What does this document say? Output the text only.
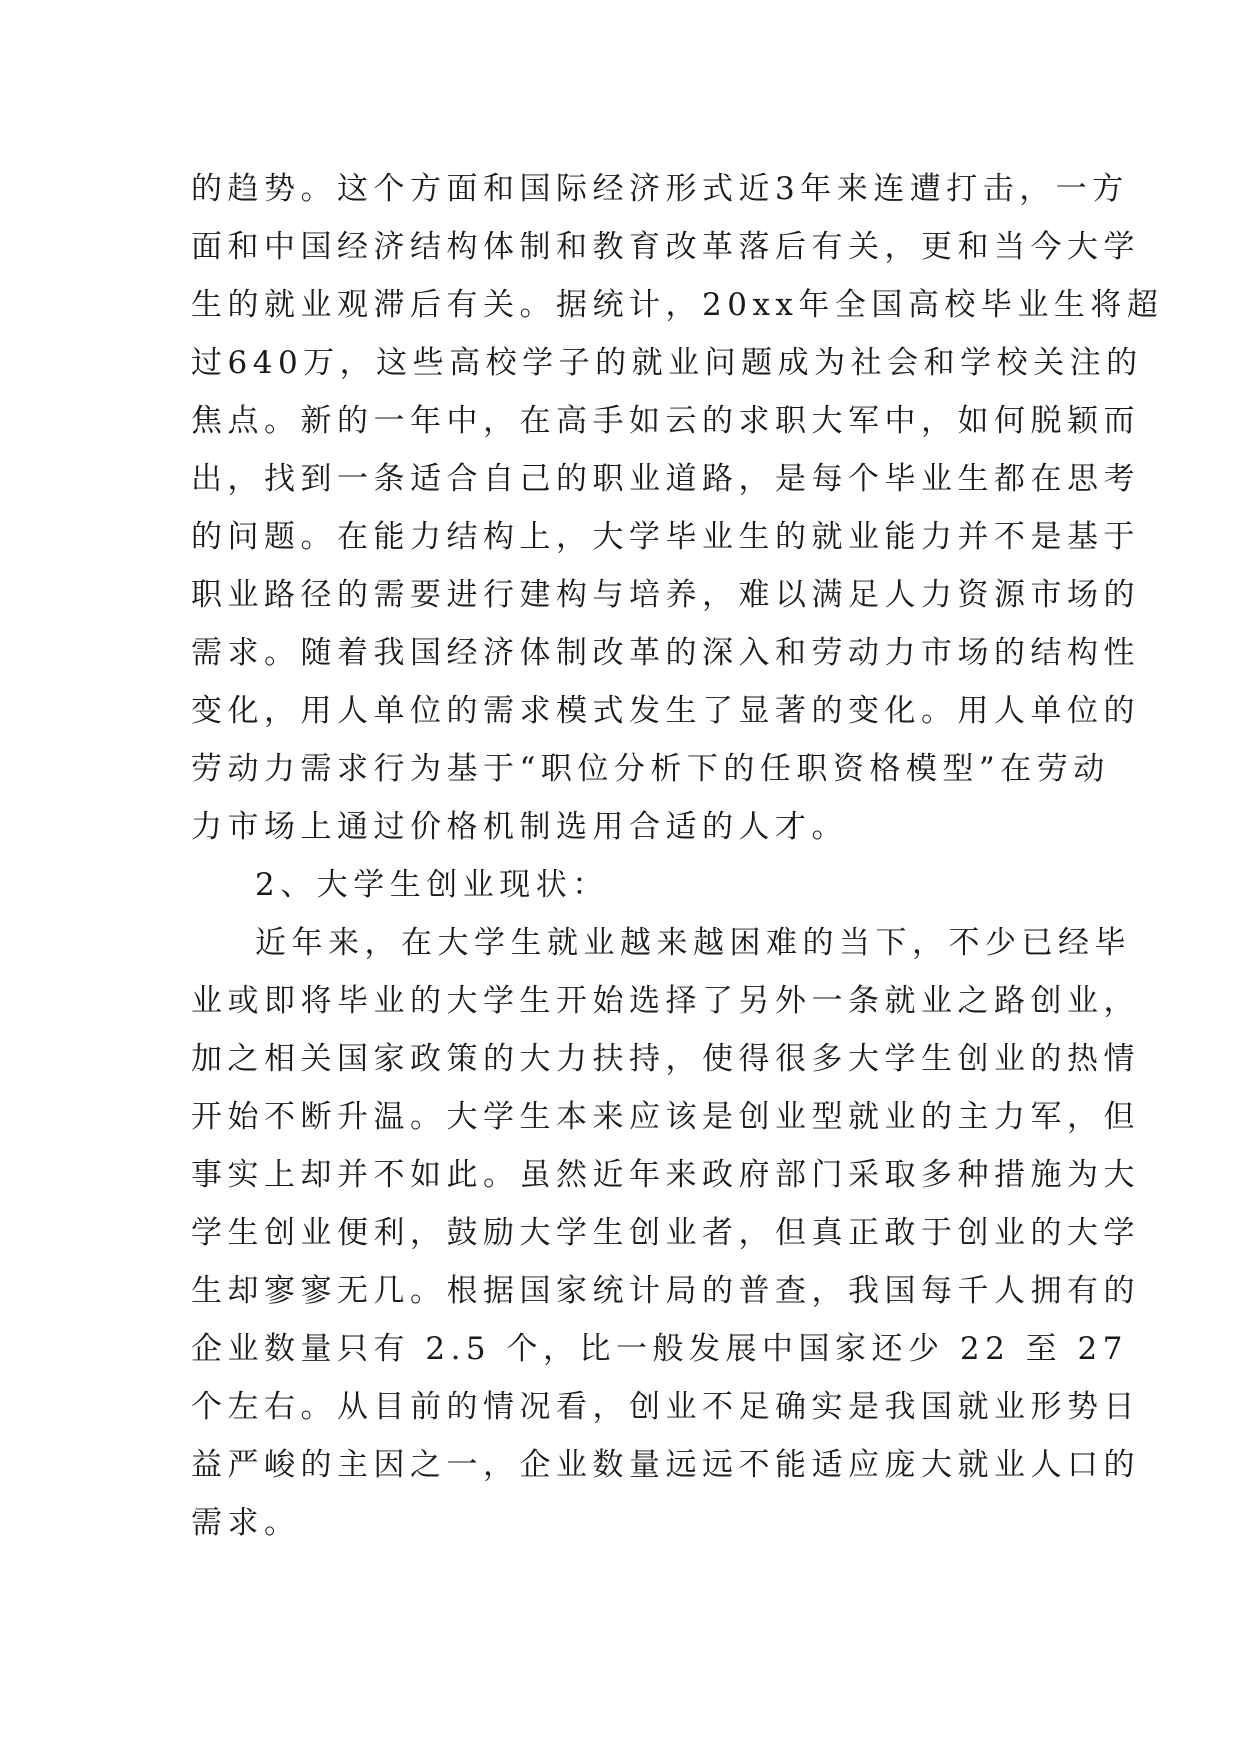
的趋势。这个方面和国际经济形式近3年来连遭打击，一方
面和中国经济结构体制和教育改革落后有关，更和当今大学
生的就业观滞后有关。据统计，20xx年全国高校毕业生将超
过640万，这些高校学子的就业问题成为社会和学校关注的
焦点。新的一年中，在高手如云的求职大军中，如何脱颖而
出，找到一条适合自己的职业道路，是每个毕业生都在思考
的问题。在能力结构上，大学毕业生的就业能力并不是基于
职业路径的需要进行建构与培养，难以满足人力资源市场的
需求。随着我国经济体制改革的深入和劳动力市场的结构性
变化，用人单位的需求模式发生了显著的变化。用人单位的
劳动力需求行为基于“职位分析下的任职资格模型”在劳动
力市场上通过价格机制选用合适的人才。
2、大学生创业现状：
近年来，在大学生就业越来越困难的当下，不少已经毕
业或即将毕业的大学生开始选择了另外一条就业之路创业，
加之相关国家政策的大力扶持，使得很多大学生创业的热情
开始不断升温。大学生本来应该是创业型就业的主力军，但
事实上却并不如此。虽然近年来政府部门采取多种措施为大
学生创业便利，鼓励大学生创业者，但真正敢于创业的大学
生却寥寥无几。根据国家统计局的普查，我国每千人拥有的
企业数量只有 2.5 个，比一般发展中国家还少 22 至 27
个左右。从目前的情况看，创业不足确实是我国就业形势日
益严峻的主因之一，企业数量远远不能适应庞大就业人口的
需求。
